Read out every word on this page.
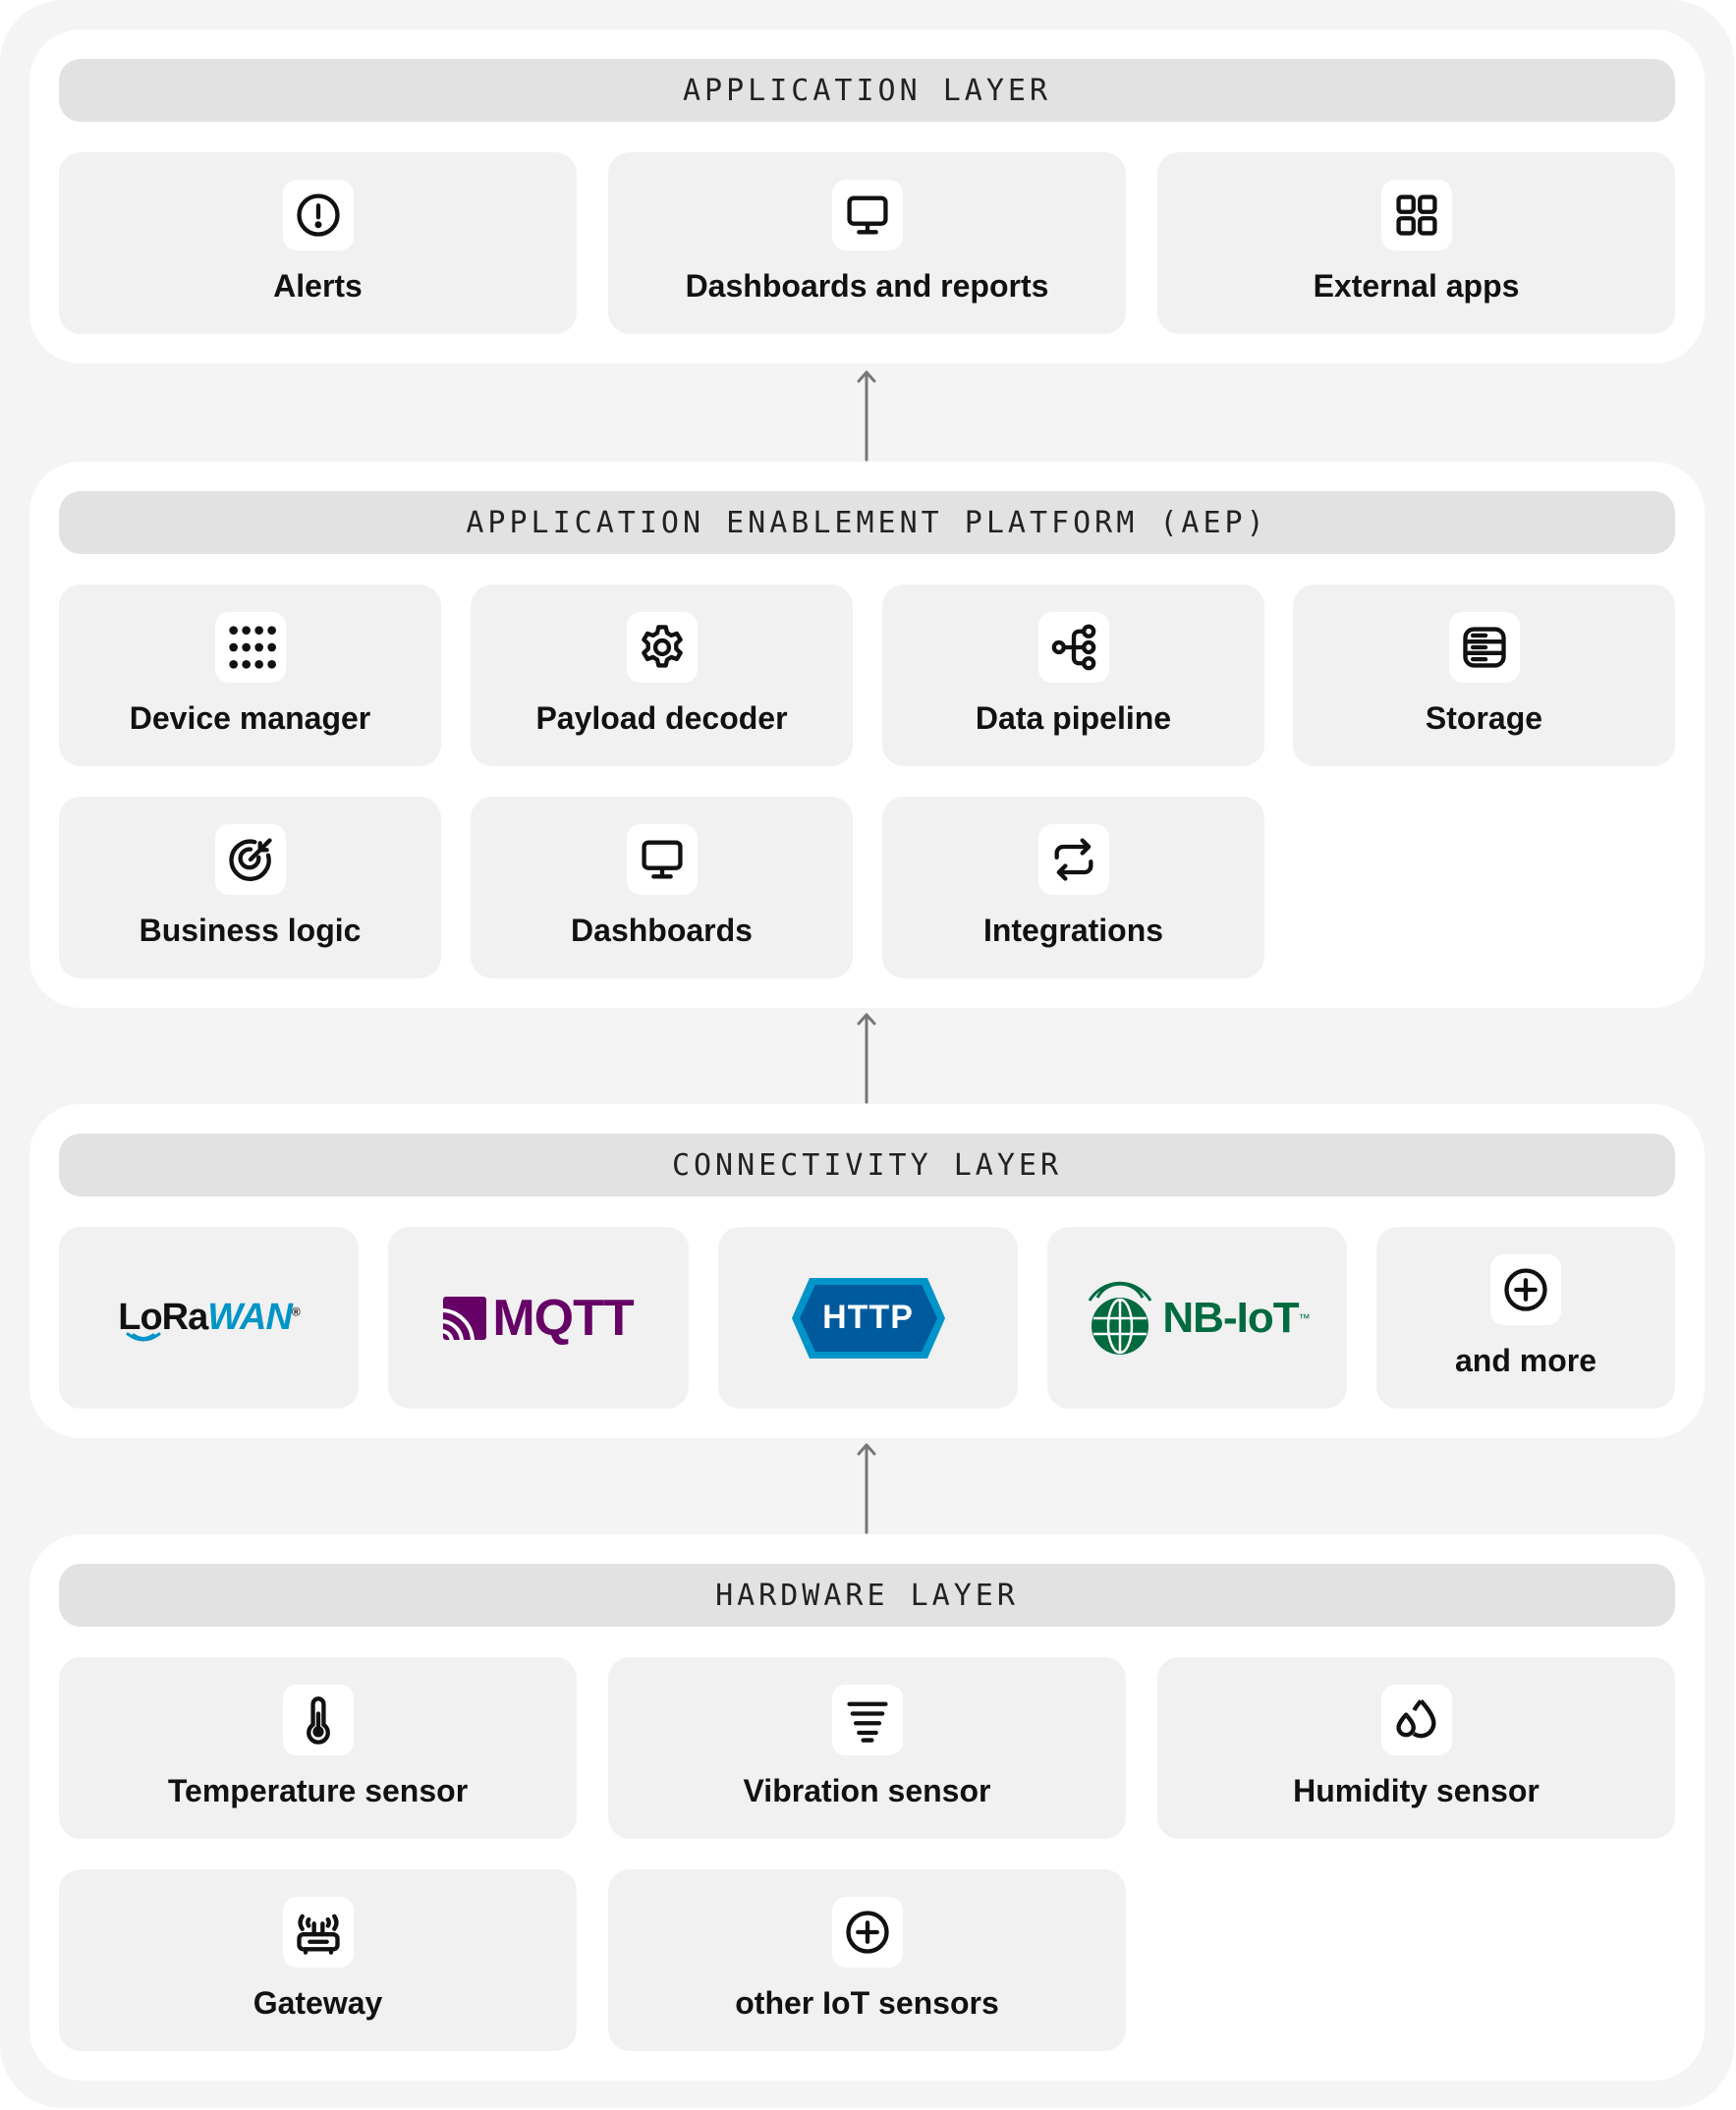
APPLICATION LAYER
Alerts	Dashboards and reports	External apps
APPLICATION ENABLEMENT PLATFORM (AEP)
Device manager	Payload decoder	Data pipeline	Storage
Business logic	Dashboards	Integrations
CONNECTIVITY LAYER
LoRaWAN®	MQTT	HTTP	NB-IoT ™
and more
HARDWARE LAYER
Temperature sensor	Vibration sensor	Humidity sensor
Gateway	other IoT sensors
